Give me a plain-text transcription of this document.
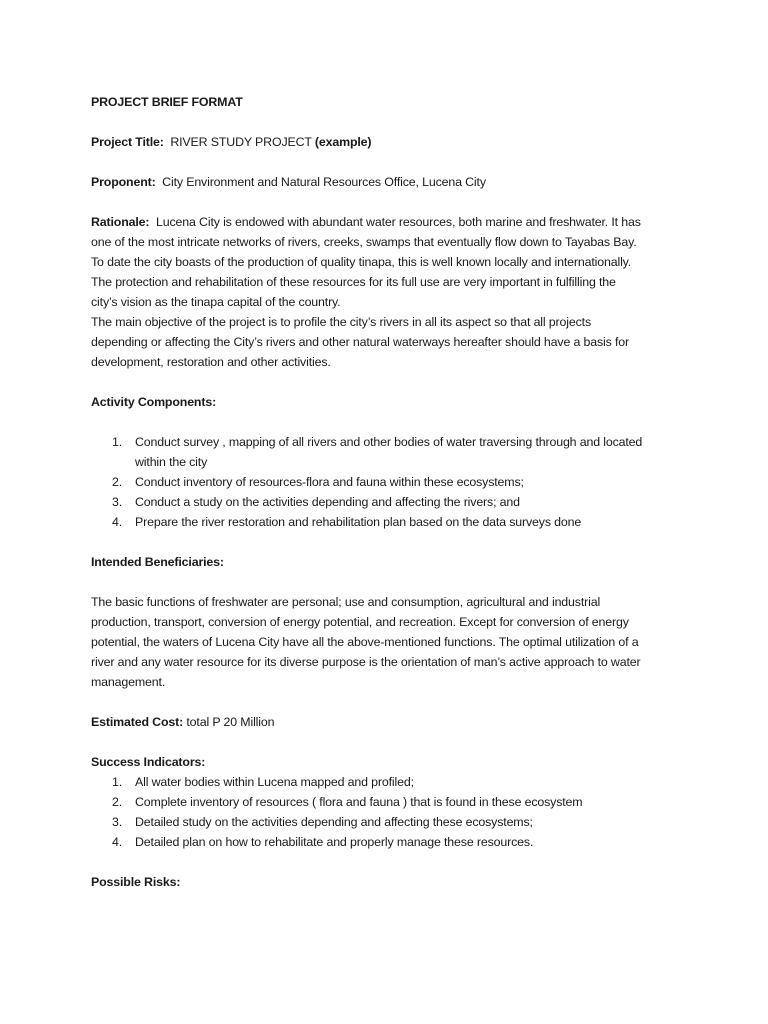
PROJECT BRIEF FORMAT

Project Title: RIVER STUDY PROJECT (example)

Proponent: City Environment and Natural Resources Office, Lucena City

Rationale: Lucena City is endowed with abundant water resources, both marine and freshwater. It has
one of the most intricate networks of rivers, creeks, swamps that eventually flow down to Tayabas Bay.
To date the city boasts of the production of quality tinapa, this is well known locally and internationally.
The protection and rehabilitation of these resources for its full use are very important in fulfilling the
city’s vision as the tinapa capital of the country.
The main objective of the project is to profile the city’s rivers in all its aspect so that all projects
depending or affecting the City’s rivers and other natural waterways hereafter should have a basis for
development, restoration and other activities.

Activity Components:

1. Conduct survey , mapping of all rivers and other bodies of water traversing through and located
within the city
2. Conduct inventory of resources-flora and fauna within these ecosystems;
3. Conduct a study on the activities depending and affecting the rivers; and
4. Prepare the river restoration and rehabilitation plan based on the data surveys done

Intended Beneficiaries:

The basic functions of freshwater are personal; use and consumption, agricultural and industrial
production, transport, conversion of energy potential, and recreation. Except for conversion of energy
potential, the waters of Lucena City have all the above-mentioned functions. The optimal utilization of a
river and any water resource for its diverse purpose is the orientation of man’s active approach to water
management.

Estimated Cost: total P 20 Million

Success Indicators:

1. All water bodies within Lucena mapped and profiled;
2. Complete inventory of resources ( flora and fauna ) that is found in these ecosystem
3. Detailed study on the activities depending and affecting these ecosystems;
4. Detailed plan on how to rehabilitate and properly manage these resources.

Possible Risks:
